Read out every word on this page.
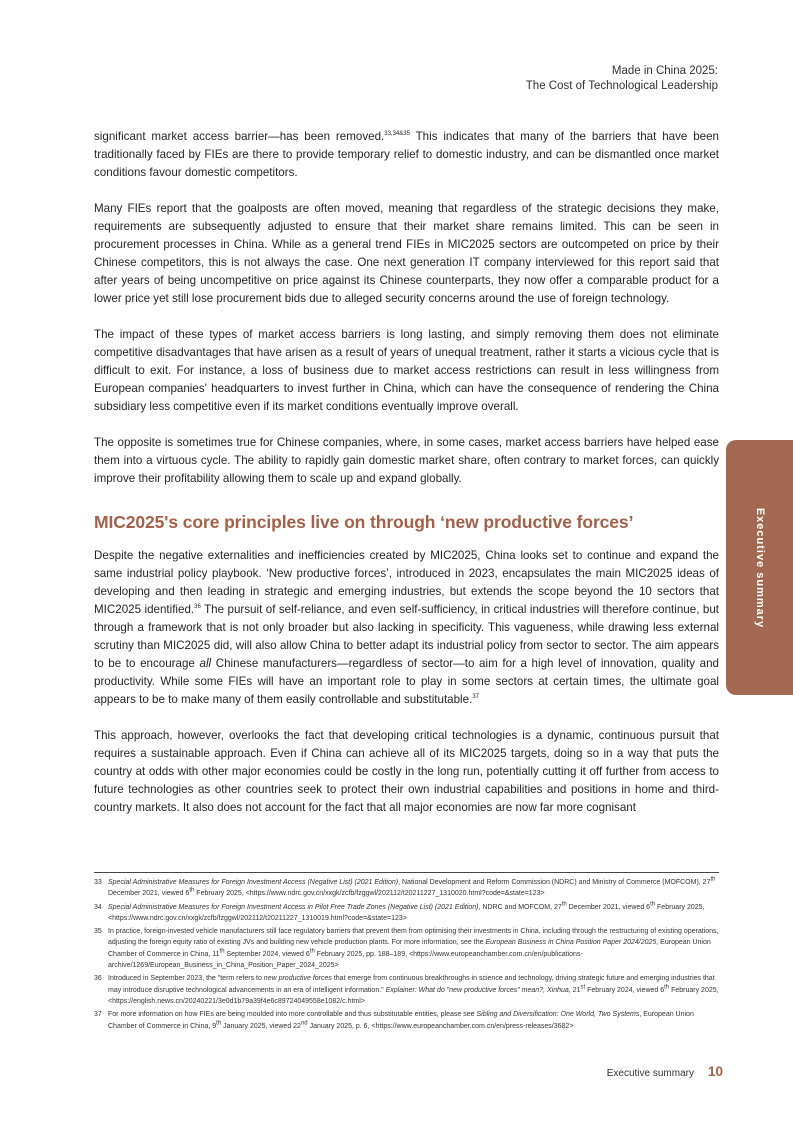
Made in China 2025:
The Cost of Technological Leadership
Executive summary

significant market access barrier—has been removed.$^{33,34\&35}$ This indicates that many of the barriers that have been traditionally faced by FIEs are there to provide temporary relief to domestic industry, and can be dismantled once market conditions favour domestic competitors.

Many FIEs report that the goalposts are often moved, meaning that regardless of the strategic decisions they make, requirements are subsequently adjusted to ensure that their market share remains limited. This can be seen in procurement processes in China. While as a general trend FIEs in MIC2025 sectors are outcompeted on price by their Chinese competitors, this is not always the case. One next generation IT company interviewed for this report said that after years of being uncompetitive on price against its Chinese counterparts, they now offer a comparable product for a lower price yet still lose procurement bids due to alleged security concerns around the use of foreign technology.

The impact of these types of market access barriers is long lasting, and simply removing them does not eliminate competitive disadvantages that have arisen as a result of years of unequal treatment, rather it starts a vicious cycle that is difficult to exit. For instance, a loss of business due to market access restrictions can result in less willingness from European companies' headquarters to invest further in China, which can have the consequence of rendering the China subsidiary less competitive even if its market conditions eventually improve overall.

The opposite is sometimes true for Chinese companies, where, in some cases, market access barriers have helped ease them into a virtuous cycle. The ability to rapidly gain domestic market share, often contrary to market forces, can quickly improve their profitability allowing them to scale up and expand globally.

MIC2025's core principles live on through ‘new productive forces’

Despite the negative externalities and inefficiencies created by MIC2025, China looks set to continue and expand the same industrial policy playbook. ‘New productive forces’, introduced in 2023, encapsulates the main MIC2025 ideas of developing and then leading in strategic and emerging industries, but extends the scope beyond the 10 sectors that MIC2025 identified.$^{36}$ The pursuit of self-reliance, and even self-sufficiency, in critical industries will therefore continue, but through a framework that is not only broader but also lacking in specificity. This vagueness, while drawing less external scrutiny than MIC2025 did, will also allow China to better adapt its industrial policy from sector to sector. The aim appears to be to encourage all Chinese manufacturers—regardless of sector—to aim for a high level of innovation, quality and productivity. While some FIEs will have an important role to play in some sectors at certain times, the ultimate goal appears to be to make many of them easily controllable and substitutable.$^{37}$

This approach, however, overlooks the fact that developing critical technologies is a dynamic, continuous pursuit that requires a sustainable approach. Even if China can achieve all of its MIC2025 targets, doing so in a way that puts the country at odds with other major economies could be costly in the long run, potentially cutting it off further from access to future technologies as other countries seek to protect their own industrial capabilities and positions in home and third-country markets. It also does not account for the fact that all major economies are now far more cognisant

33 Special Administrative Measures for Foreign Investment Access (Negative List) (2021 Edition), National Development and Reform Commission (NDRC) and Ministry of Commerce (MOFCOM), 27th December 2021, viewed 6th February 2025, <https://www.ndrc.gov.cn/xxgk/zcfb/fzggwl/202112/t20211227_1310020.html?code=&state=123>
34 Special Administrative Measures for Foreign Investment Access in Pilot Free Trade Zones (Negative List) (2021 Edition), NDRC and MOFCOM, 27th December 2021, viewed 6th February 2025, <https://www.ndrc.gov.cn/xxgk/zcfb/fzggwl/202112/t20211227_1310019.html?code=&state=123>
35 In practice, foreign-invested vehicle manufacturers still face regulatory barriers that prevent them from optimising their investments in China, including through the restructuring of existing operations, adjusting the foreign equity ratio of existing JVs and building new vehicle production plants. For more information, see the European Business in China Position Paper 2024/2025, European Union Chamber of Commerce in China, 11th September 2024, viewed 6th February 2025, pp. 188–189, <https://www.europeanchamber.com.cn/en/publications-archive/1269/European_Business_in_China_Position_Paper_2024_2025>
36 Introduced in September 2023, the "term refers to new productive forces that emerge from continuous breakthroughs in science and technology, driving strategic future and emerging industries that may introduce disruptive technological advancements in an era of intelligent information." Explainer: What do "new productive forces" mean?, Xinhua, 21st February 2024, viewed 6th February 2025, <https://english.news.cn/20240221/3e0d1b79a39f4e6c89724049558e1082/c.html>
37 For more information on how FIEs are being moulded into more controllable and thus substitutable entities, please see Sibling and Diversification: One World, Two Systems, European Union Chamber of Commerce in China, 9th January 2025, viewed 22nd January 2025, p. 6, <https://www.europeanchamber.com.cn/en/press-releases/3682>
Executive summary 10
